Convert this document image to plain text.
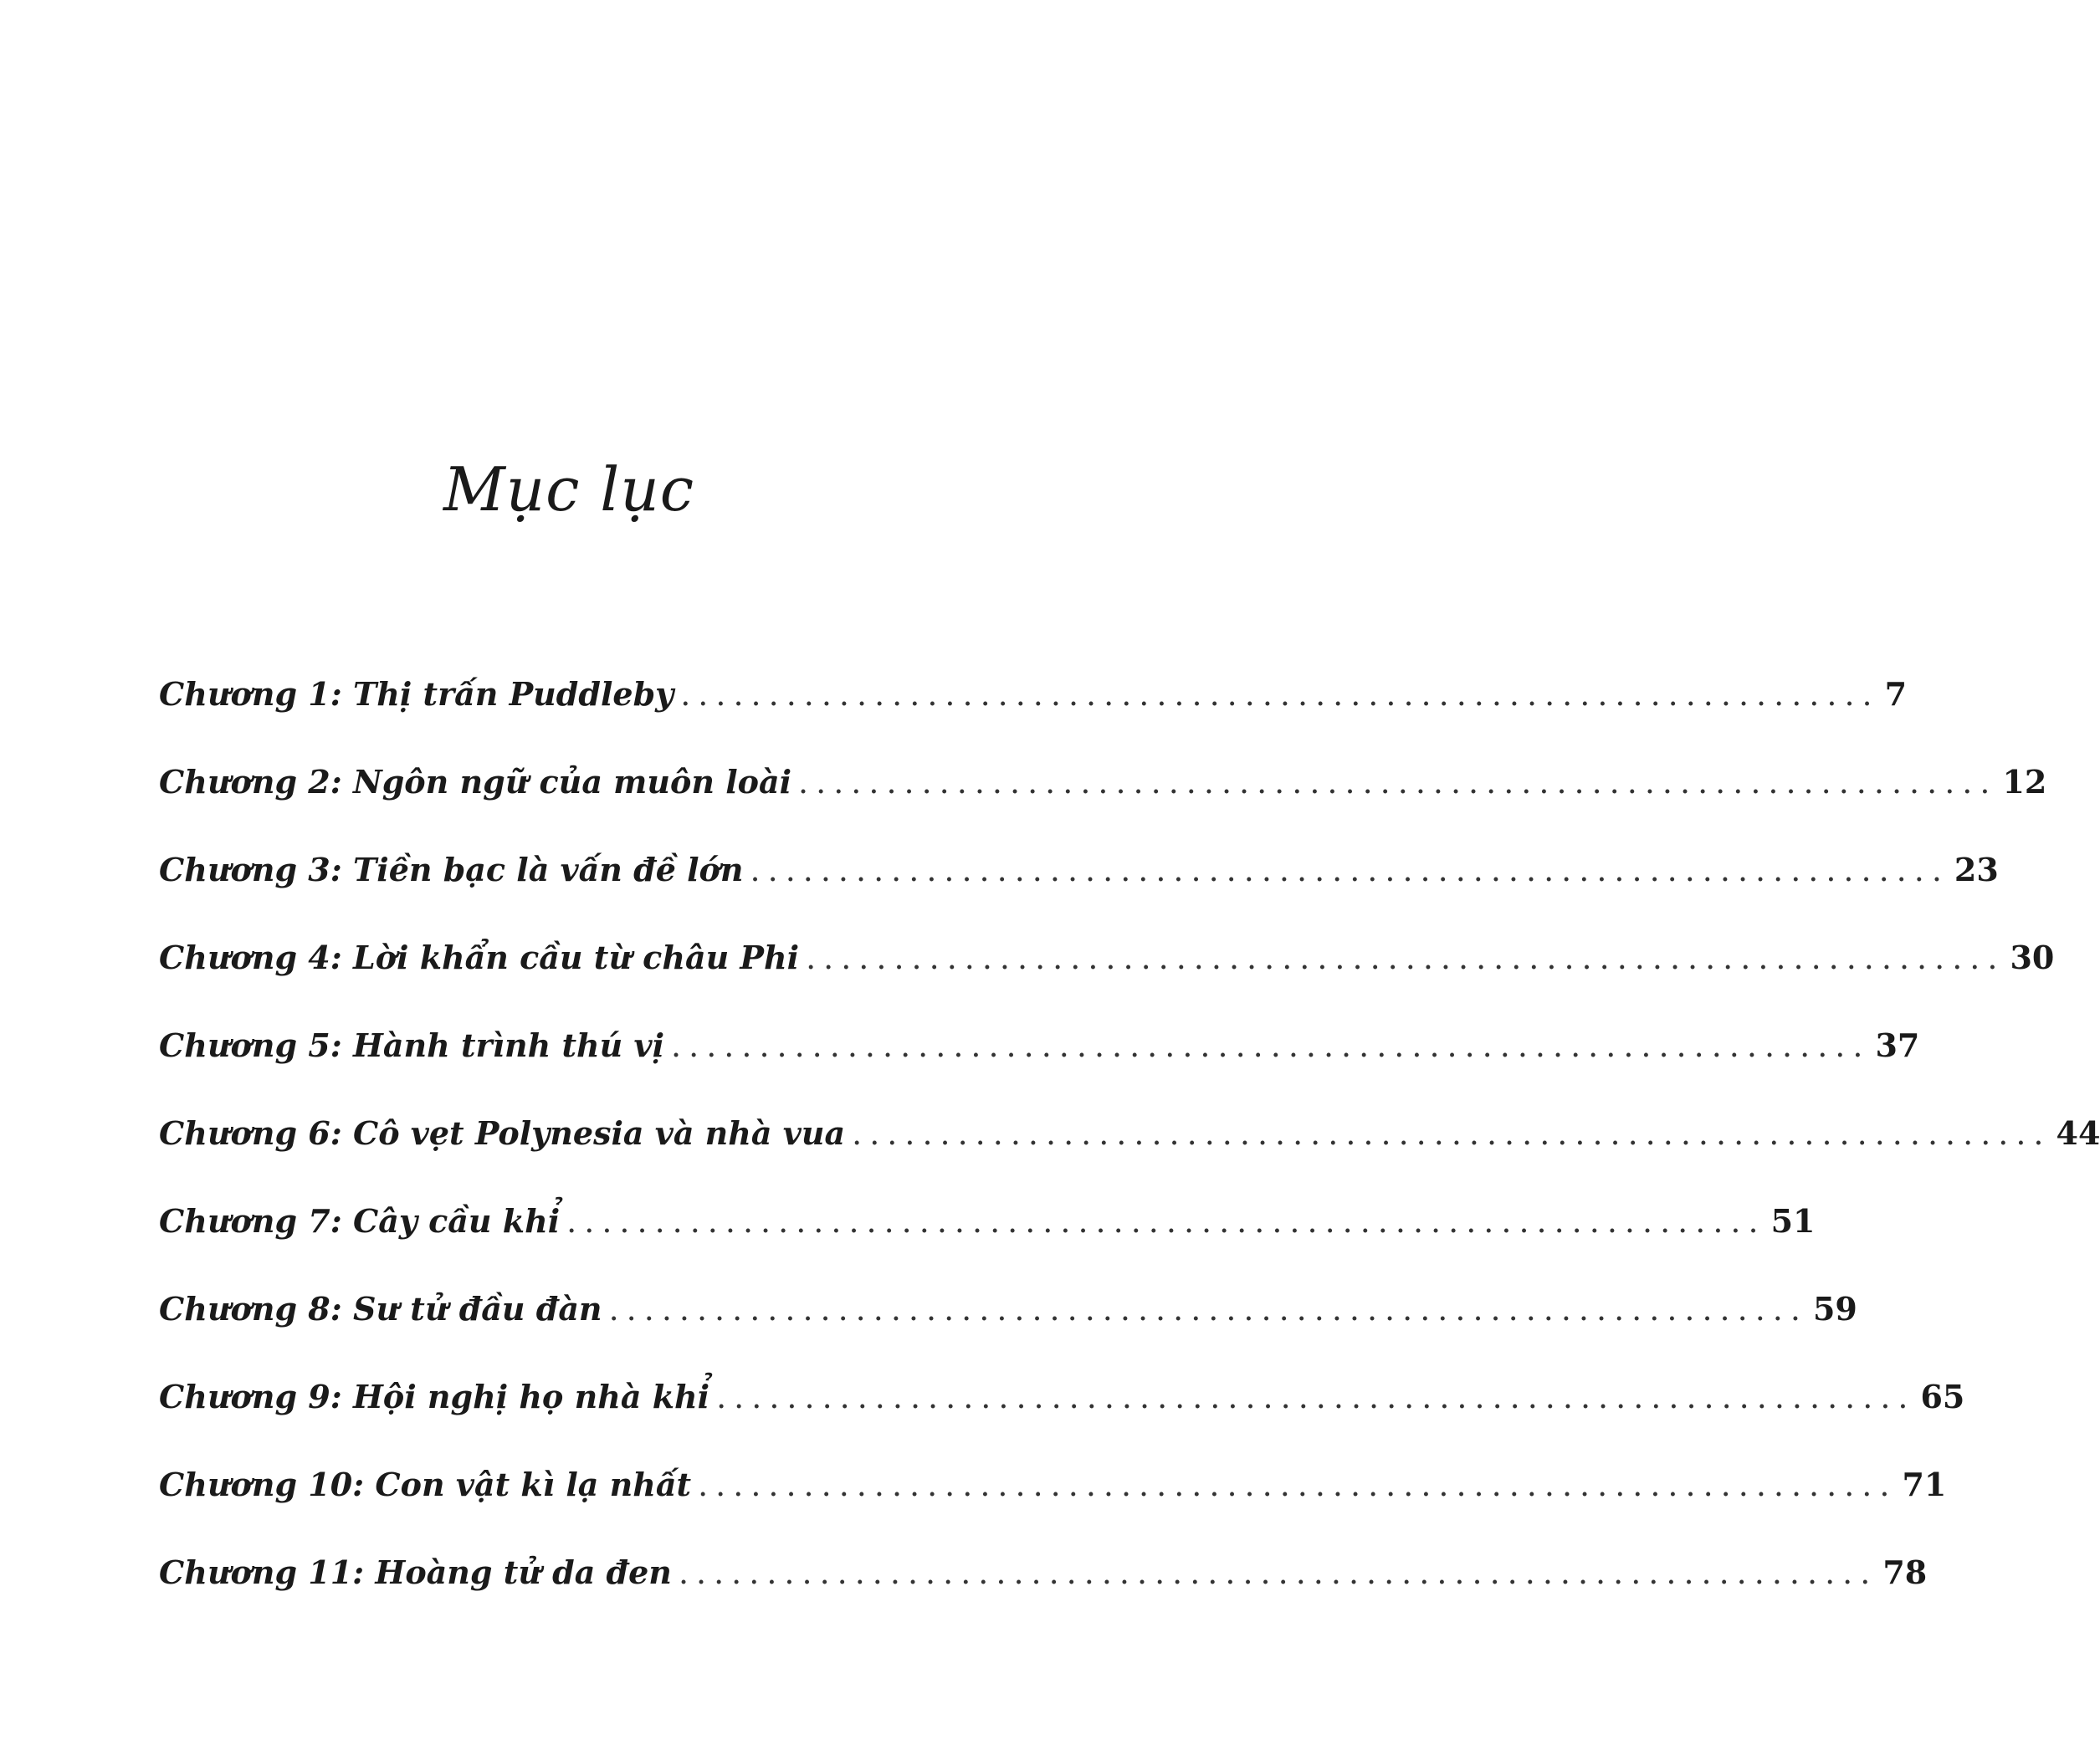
Mục lục
Chương 1: Thị trấn Puddleby .................................................................... 7
Chương 2: Ngôn ngữ của muôn loài .................................................................... 12
Chương 3: Tiền bạc là vấn đề lớn .................................................................... 23
Chương 4: Lời khẩn cầu từ châu Phi .................................................................... 30
Chương 5: Hành trình thú vị .................................................................... 37
Chương 6: Cô vẹt Polynesia và nhà vua .................................................................... 44
Chương 7: Cây cầu khỉ .................................................................... 51
Chương 8: Sư tử đầu đàn .................................................................... 59
Chương 9: Hội nghị họ nhà khỉ .................................................................... 65
Chương 10: Con vật kì lạ nhất .................................................................... 71
Chương 11: Hoàng tử da đen .................................................................... 78
